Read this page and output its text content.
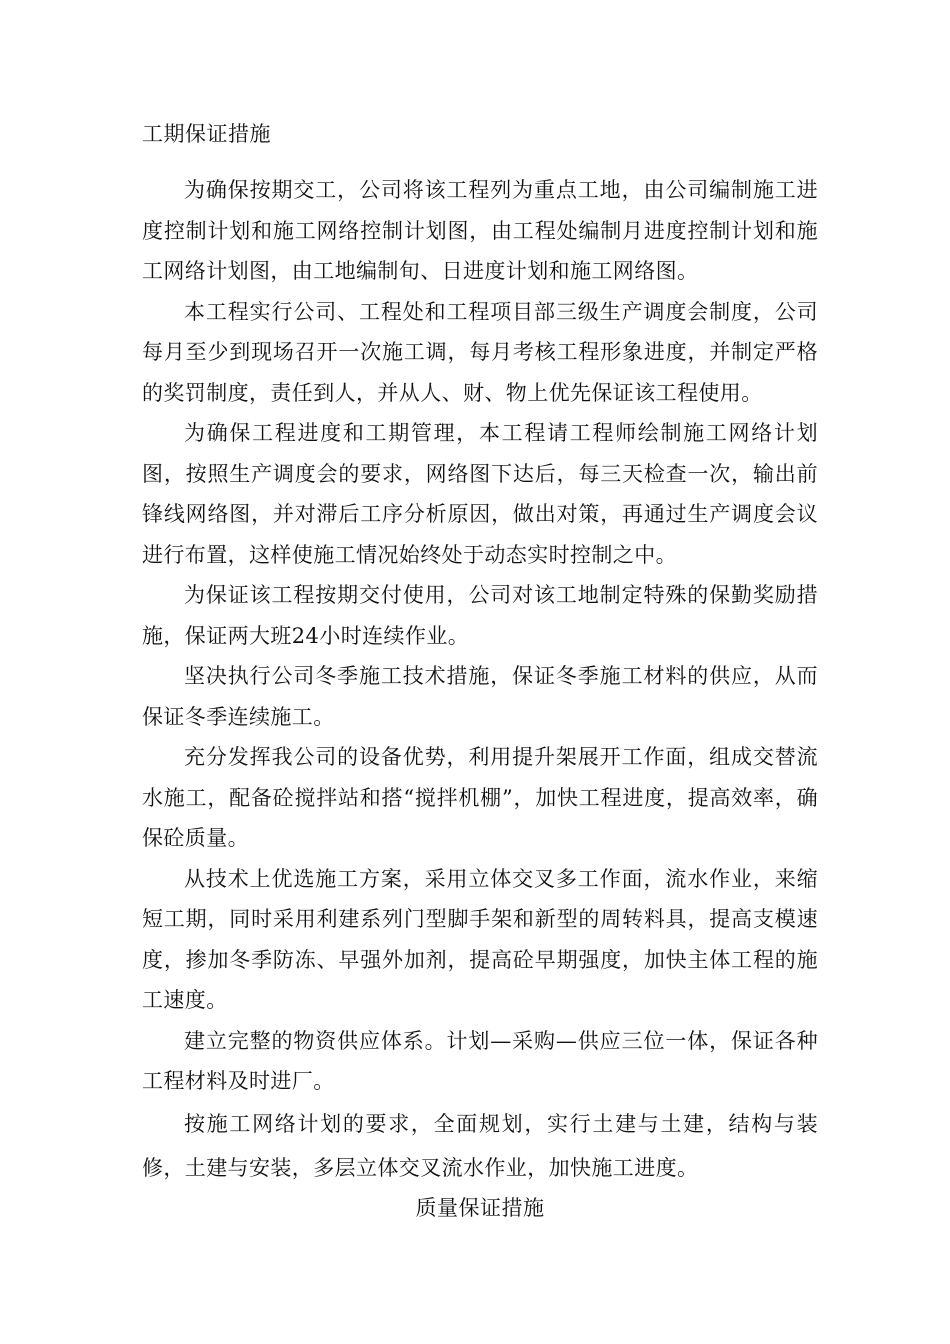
工期保证措施

为确保按期交工，公司将该工程列为重点工地，由公司编制施工进度控制计划和施工网络控制计划图，由工程处编制月进度控制计划和施工网络计划图，由工地编制旬、日进度计划和施工网络图。

本工程实行公司、工程处和工程项目部三级生产调度会制度，公司每月至少到现场召开一次施工调，每月考核工程形象进度，并制定严格的奖罚制度，责任到人，并从人、财、物上优先保证该工程使用。

为确保工程进度和工期管理，本工程请工程师绘制施工网络计划图，按照生产调度会的要求，网络图下达后，每三天检查一次，输出前锋线网络图，并对滞后工序分析原因，做出对策，再通过生产调度会议进行布置，这样使施工情况始终处于动态实时控制之中。

为保证该工程按期交付使用，公司对该工地制定特殊的保勤奖励措施，保证两大班24小时连续作业。

坚决执行公司冬季施工技术措施，保证冬季施工材料的供应，从而保证冬季连续施工。

充分发挥我公司的设备优势，利用提升架展开工作面，组成交替流水施工，配备砼搅拌站和搭“搅拌机棚”，加快工程进度，提高效率，确保砼质量。

从技术上优选施工方案，采用立体交叉多工作面，流水作业，来缩短工期，同时采用利建系列门型脚手架和新型的周转料具，提高支模速度，掺加冬季防冻、早强外加剂，提高砼早期强度，加快主体工程的施工速度。

建立完整的物资供应体系。计划—采购—供应三位一体，保证各种工程材料及时进厂。

按施工网络计划的要求，全面规划，实行土建与土建，结构与装修，土建与安装，多层立体交叉流水作业，加快施工进度。

质量保证措施
